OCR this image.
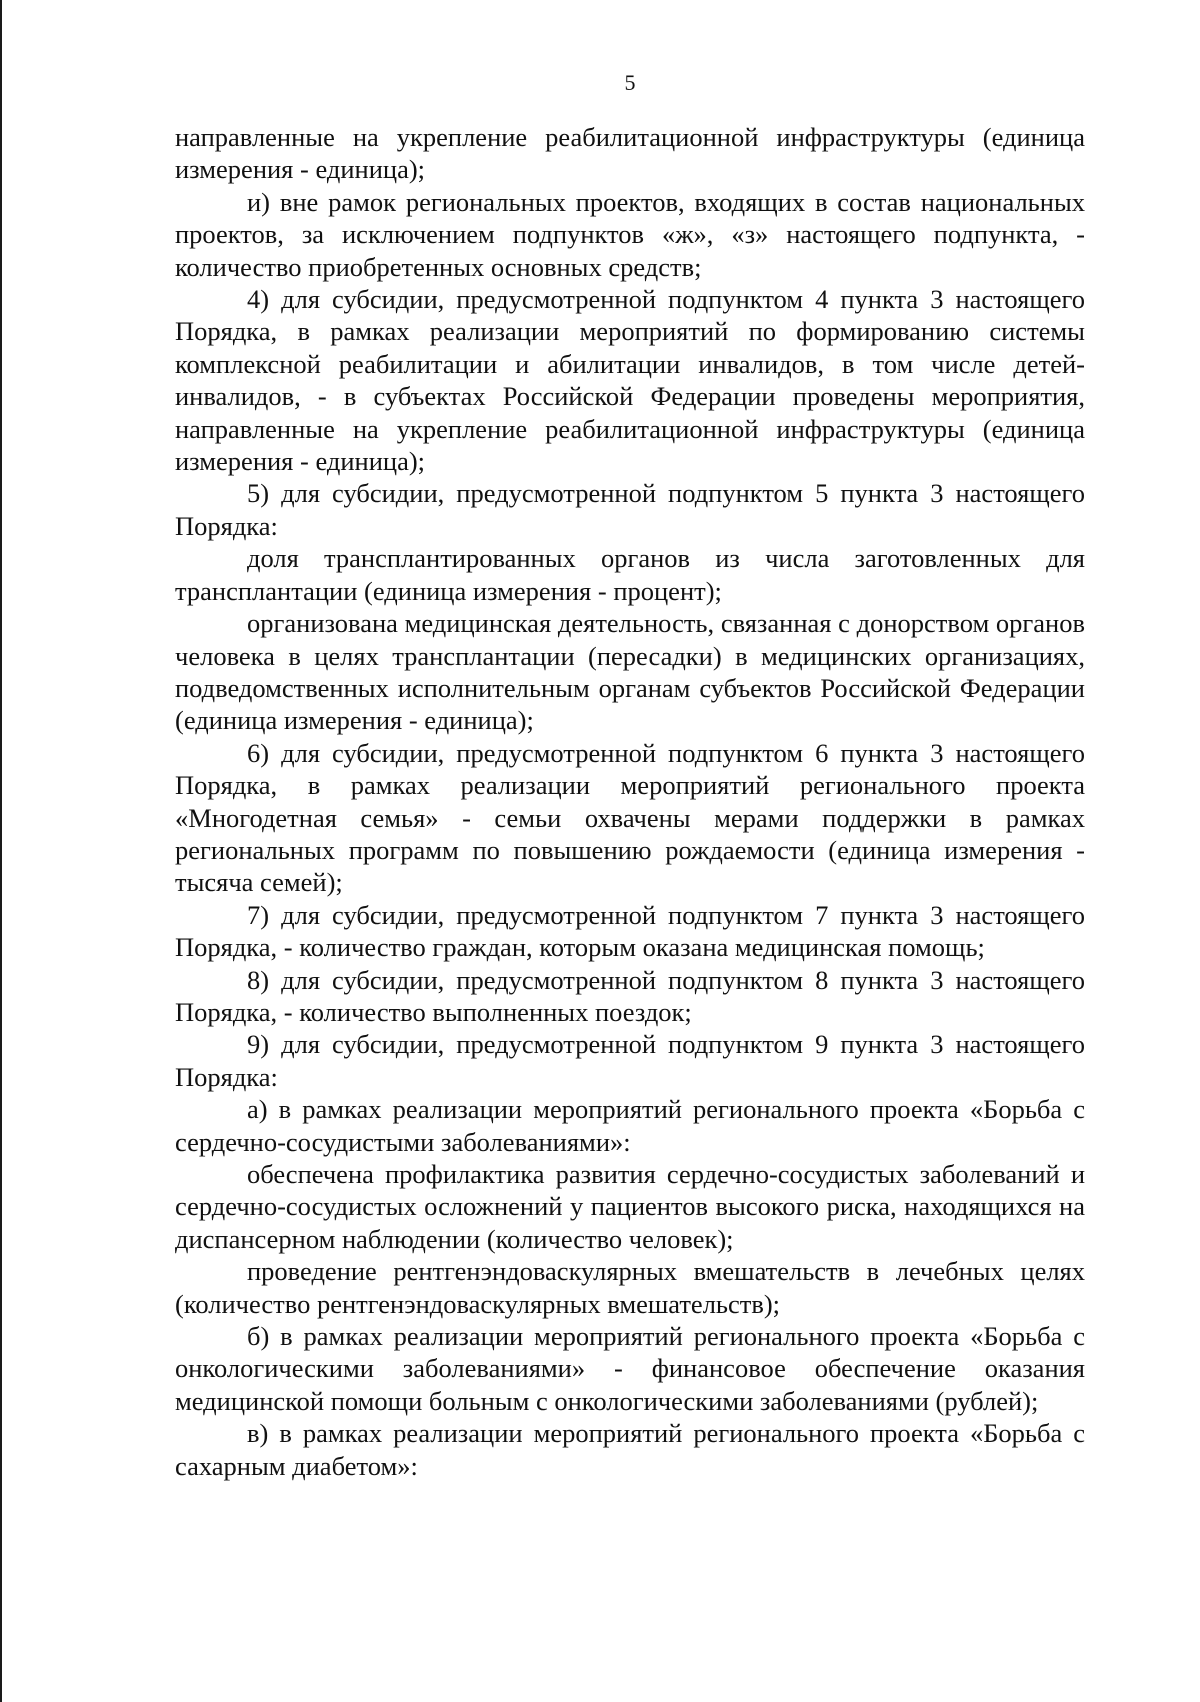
5

направленные на укрепление реабилитационной инфраструктуры (единица измерения - единица);

и) вне рамок региональных проектов, входящих в состав национальных проектов, за исключением подпунктов «ж», «з» настоящего подпункта, - количество приобретенных основных средств;

4) для субсидии, предусмотренной подпунктом 4 пункта 3 настоящего Порядка, в рамках реализации мероприятий по формированию системы комплексной реабилитации и абилитации инвалидов, в том числе детей-инвалидов, - в субъектах Российской Федерации проведены мероприятия, направленные на укрепление реабилитационной инфраструктуры (единица измерения - единица);

5) для субсидии, предусмотренной подпунктом 5 пункта 3 настоящего Порядка:

доля трансплантированных органов из числа заготовленных для трансплантации (единица измерения - процент);

организована медицинская деятельность, связанная с донорством органов человека в целях трансплантации (пересадки) в медицинских организациях, подведомственных исполнительным органам субъектов Российской Федерации (единица измерения - единица);

6) для субсидии, предусмотренной подпунктом 6 пункта 3 настоящего Порядка, в рамках реализации мероприятий регионального проекта «Многодетная семья» - семьи охвачены мерами поддержки в рамках региональных программ по повышению рождаемости (единица измерения - тысяча семей);

7) для субсидии, предусмотренной подпунктом 7 пункта 3 настоящего Порядка, - количество граждан, которым оказана медицинская помощь;

8) для субсидии, предусмотренной подпунктом 8 пункта 3 настоящего Порядка, - количество выполненных поездок;

9) для субсидии, предусмотренной подпунктом 9 пункта 3 настоящего Порядка:

а) в рамках реализации мероприятий регионального проекта «Борьба с сердечно-сосудистыми заболеваниями»:

обеспечена профилактика развития сердечно-сосудистых заболеваний и сердечно-сосудистых осложнений у пациентов высокого риска, находящихся на диспансерном наблюдении (количество человек);

проведение рентгенэндоваскулярных вмешательств в лечебных целях (количество рентгенэндоваскулярных вмешательств);

б) в рамках реализации мероприятий регионального проекта «Борьба с онкологическими заболеваниями» - финансовое обеспечение оказания медицинской помощи больным с онкологическими заболеваниями (рублей);

в) в рамках реализации мероприятий регионального проекта «Борьба с сахарным диабетом»:
